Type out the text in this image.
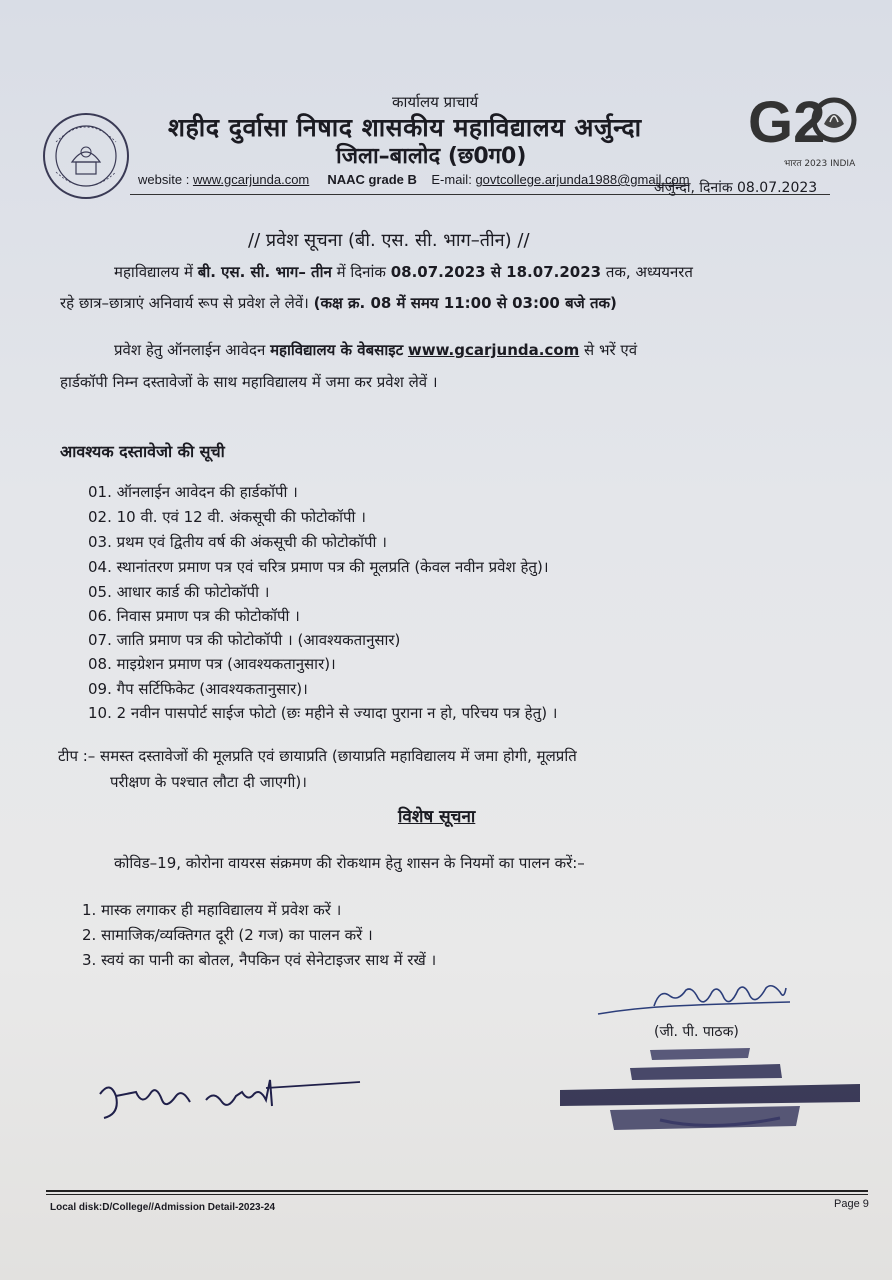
कार्यालय प्राचार्य
शहीद दुर्वासा निषाद शासकीय महाविद्यालय अर्जुन्दा
जिला–बालोद (छ0ग0)
G2
भारत 2023 INDIA
website : www.gcarjunda.com NAAC grade B E-mail: govtcollege.arjunda1988@gmail.com
अर्जुन्दा, दिनांक 08.07.2023
// प्रवेश सूचना (बी. एस. सी. भाग–तीन) //
महाविद्यालय में बी. एस. सी. भाग– तीन में दिनांक 08.07.2023 से 18.07.2023 तक, अध्ययनरत
रहे छात्र–छात्राएं अनिवार्य रूप से प्रवेश ले लेवें। (कक्ष क्र. 08 में समय 11:00 से 03:00 बजे तक)
प्रवेश हेतु ऑनलाईन आवेदन महाविद्यालय के वेबसाइट www.gcarjunda.com से भरें एवं
हार्डकॉपी निम्न दस्तावेजों के साथ महाविद्यालय में जमा कर प्रवेश लेवें ।
आवश्यक दस्तावेजो की सूची
01. ऑनलाईन आवेदन की हार्डकॉपी ।
02. 10 वी. एवं 12 वी. अंकसूची की फोटोकॉपी ।
03. प्रथम एवं द्वितीय वर्ष की अंकसूची की फोटोकॉपी ।
04. स्थानांतरण प्रमाण पत्र एवं चरित्र प्रमाण पत्र की मूलप्रति (केवल नवीन प्रवेश हेतु)।
05. आधार कार्ड की फोटोकॉपी ।
06. निवास प्रमाण पत्र की फोटोकॉपी ।
07. जाति प्रमाण पत्र की फोटोकॉपी । (आवश्यकतानुसार)
08. माइग्रेशन प्रमाण पत्र (आवश्यकतानुसार)।
09. गैप सर्टिफिकेट (आवश्यकतानुसार)।
10. 2 नवीन पासपोर्ट साईज फोटो (छः महीने से ज्यादा पुराना न हो, परिचय पत्र हेतु) ।
टीप :– समस्त दस्तावेजों की मूलप्रति एवं छायाप्रति (छायाप्रति महाविद्यालय में जमा होगी, मूलप्रति
परीक्षण के पश्चात लौटा दी जाएगी)।
विशेष सूचना
कोविड–19, कोरोना वायरस संक्रमण की रोकथाम हेतु शासन के नियमों का पालन करें:–
1. मास्क लगाकर ही महाविद्यालय में प्रवेश करें ।
2. सामाजिक/व्यक्तिगत दूरी (2 गज) का पालन करें ।
3. स्वयं का पानी का बोतल, नैपकिन एवं सेनेटाइजर साथ में रखें ।
(जी. पी. पाठक)
Local disk:D/College//Admission Detail-2023-24	Page 9
